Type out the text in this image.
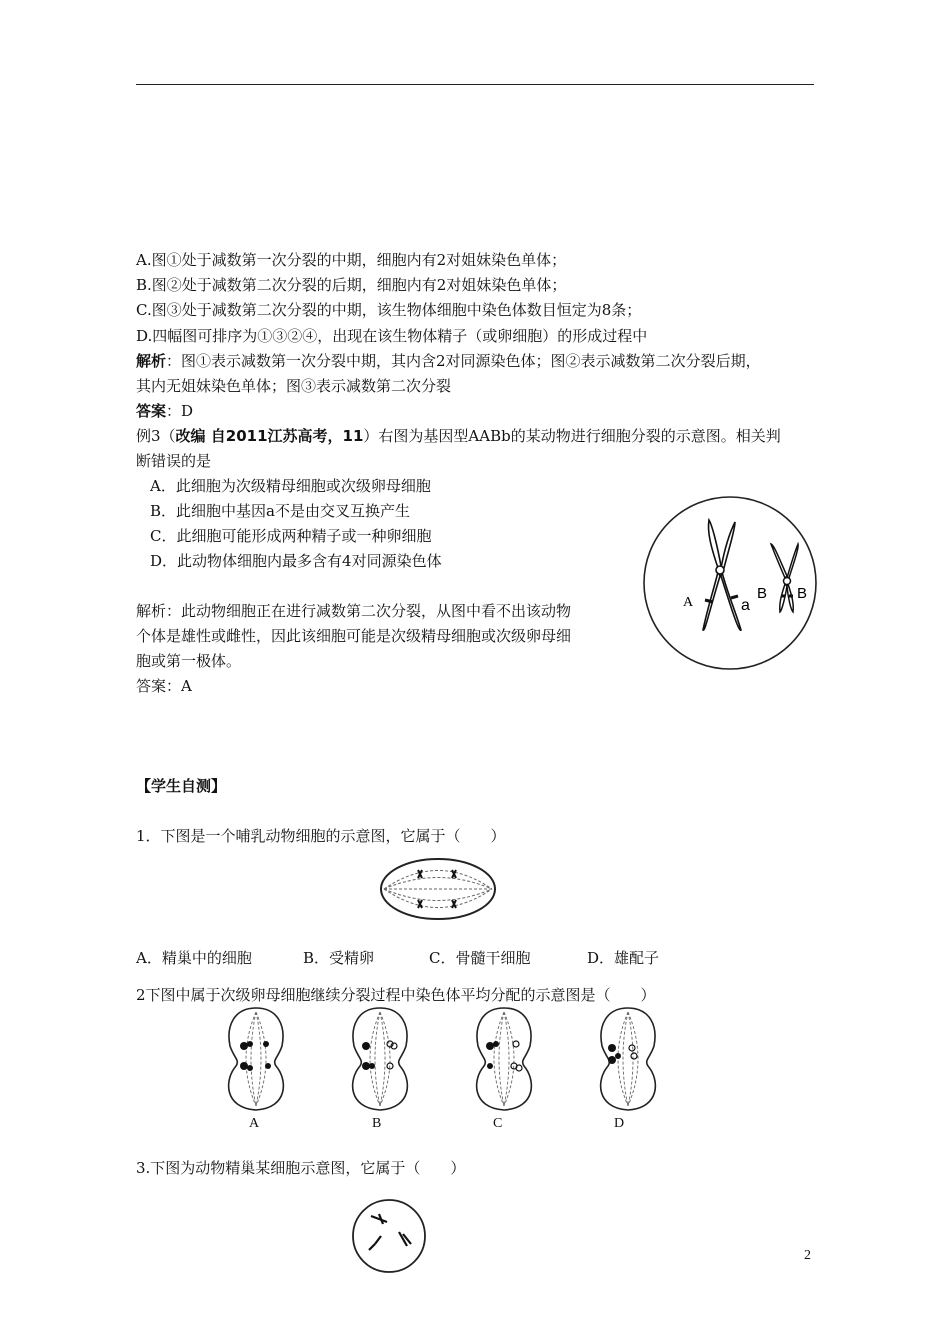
A.图①处于减数第一次分裂的中期，细胞内有2对姐妹染色单体；
B.图②处于减数第二次分裂的后期，细胞内有2对姐妹染色单体；
C.图③处于减数第二次分裂的中期，该生物体细胞中染色体数目恒定为8条；
D.四幅图可排序为①③②④，出现在该生物体精子（或卵细胞）的形成过程中
解析：图①表示减数第一次分裂中期，其内含2对同源染色体；图②表示减数第二次分裂后期，
其内无姐妹染色单体；图③表示减数第二次分裂
答案：D
例3（改编 自2011江苏高考，11）右图为基因型AABb的某动物进行细胞分裂的示意图。相关判
断错误的是
A．此细胞为次级精母细胞或次级卵母细胞
B．此细胞中基因a不是由交叉互换产生
C．此细胞可能形成两种精子或一种卵细胞
D．此动物体细胞内最多含有4对同源染色体
解析：此动物细胞正在进行减数第二次分裂，从图中看不出该动物
个体是雄性或雌性，因此该细胞可能是次级精母细胞或次级卵母细
胞或第一极体。
答案：A
A	a
B B
【学生自测】
1．下图是一个哺乳动物细胞的示意图，它属于（　　）
A．精巢中的细胞	B．受精卵	C．骨髓干细胞	D．雄配子
2下图中属于次级卵母细胞继续分裂过程中染色体平均分配的示意图是（　　）
A	B	C	D
3.下图为动物精巢某细胞示意图，它属于（　　）
2
